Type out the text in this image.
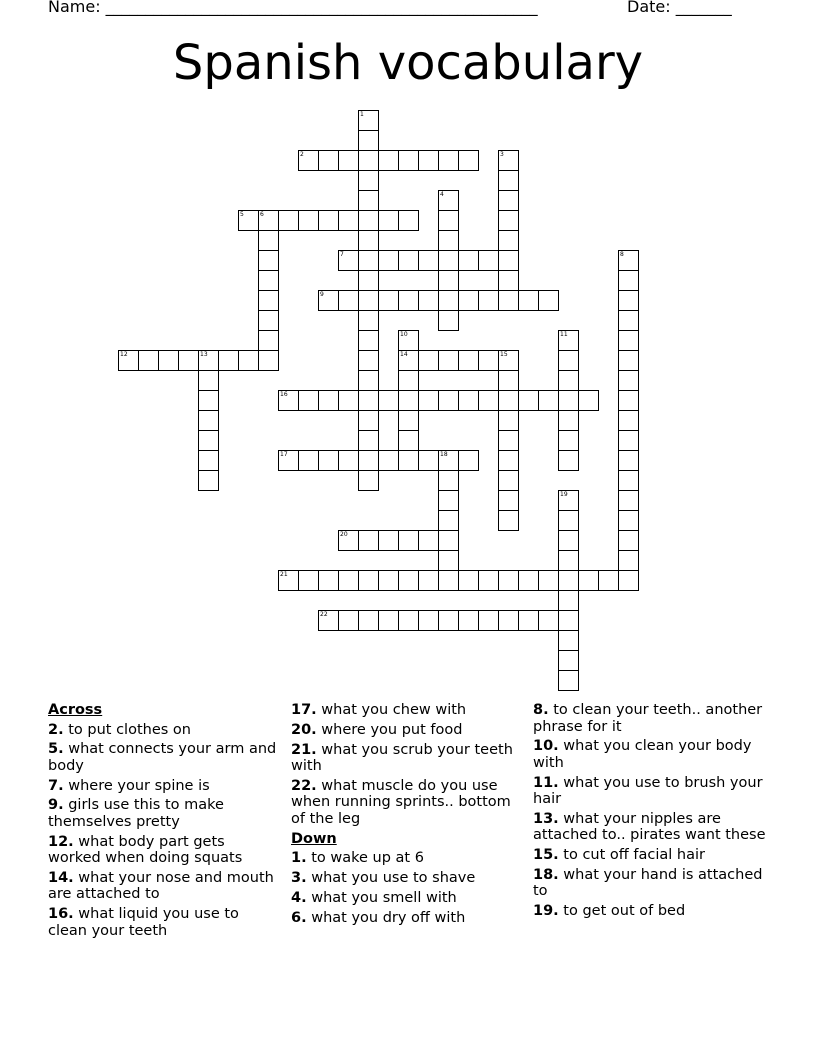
Name: ______________________________________________________	Date: _______
Spanish vocabulary
1
2	3
4
5	6
7	8
9
10
14
11
12	13	15
16
17	18
19
20
21
22
Across
2. to put clothes on
5. what connects your arm and body
7. where your spine is
9. girls use this to make themselves pretty
12. what body part gets worked when doing squats
14. what your nose and mouth are attached to
16. what liquid you use to clean your teeth
17. what you chew with
20. where you put food
21. what you scrub your teeth with
22. what muscle do you use when running sprints.. bottom of the leg
Down
1. to wake up at 6
3. what you use to shave
4. what you smell with
6. what you dry off with
8. to clean your teeth.. another phrase for it
10. what you clean your body with
11. what you use to brush your hair
13. what your nipples are attached to.. pirates want these
15. to cut off facial hair
18. what your hand is attached to
19. to get out of bed
